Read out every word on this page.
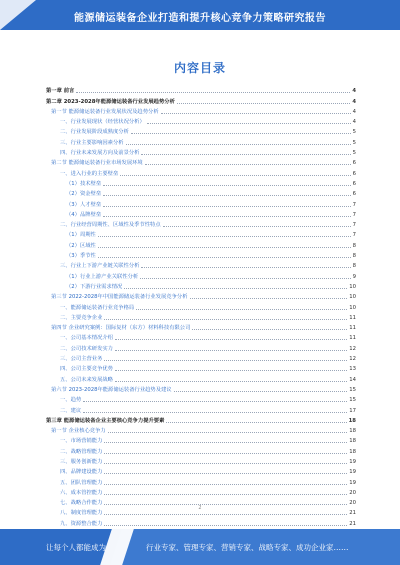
能源储运装备企业打造和提升核心竞争力策略研究报告
内容目录
第一章 前言	4
第二章 2023-2028年能源储运装备行业发展趋势分析	4
第一节 能源储运装备行业发展状况及趋势分析	4
一、行业发展现状（经营状况分析）	4
二、行业发展阶段成熟度分析	5
三、行业主要影响因素分析	5
四、行业未来发展方向及前景分析	5
第二节 能源储运装备行业市场发展环境	6
一、进入行业的主要壁垒	6
（1）技术壁垒	6
（2）资金壁垒	6
（3）人才壁垒	7
（4）品牌壁垒	7
二、行业经营周期性、区域性及季节性特点	7
（1）周期性	7
（2）区域性	8
（3）季节性	8
三、行业上下游产业链关联性分析	8
（1）行业上游产业关联性分析	9
（2）下游行业需求情况	10
第三节 2022-2028年中国能源储运装备行业发展竞争分析	10
一、能源储运装备行业竞争格局	10
二、主要竞争企业	11
第四节 企业研究案例：国际复材（东方）材料科技有限公司	11
一、公司基本情况介绍	11
二、公司技术研发实力	12
三、公司主营业务	12
四、公司主要竞争优势	13
五、公司未来发展战略	14
第六节 2023-2028年能源储运装备行业趋势及建议	15
一、趋势	15
二、建议	17
第三章 能源储运装备企业主要核心竞争力提升要素	18
第一节 企业核心竞争力	18
一、市场营销能力	18
二、战略管理能力	18
三、服务创新能力	19
四、品牌建设能力	19
五、团队管理能力	19
六、成本管控能力	20
七、战略合作能力	20
八、制度管理能力	21
九、资源整合能力	21
2
让每个人都能成为	行业专家、管理专家、营销专家、战略专家、成功企业家……
